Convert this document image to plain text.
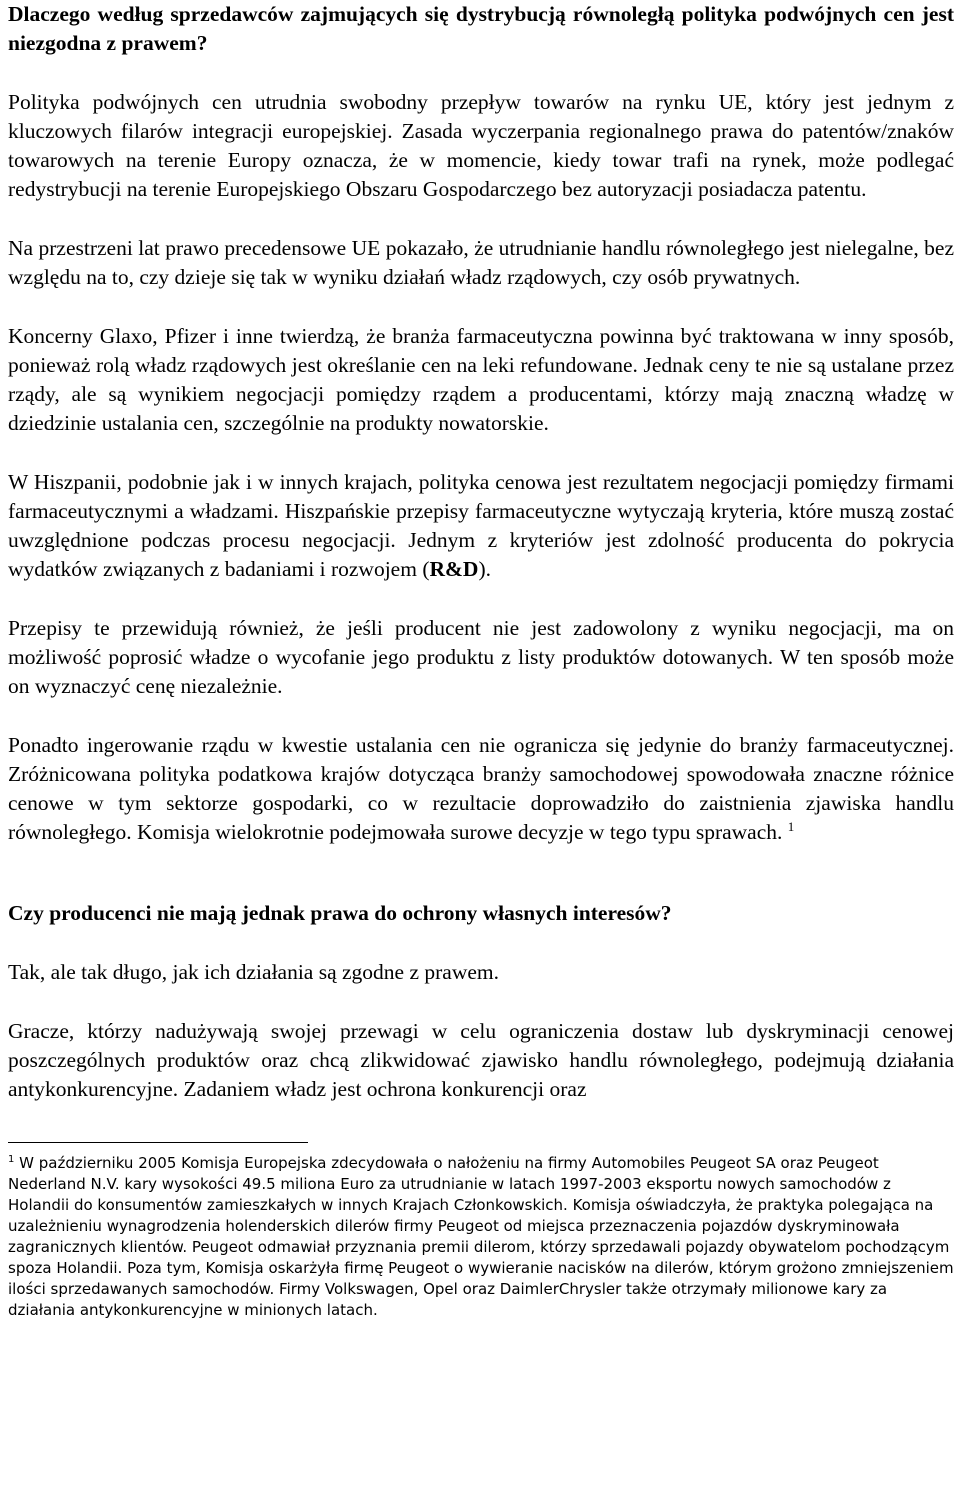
Dlaczego według sprzedawców zajmujących się dystrybucją równoległą polityka podwójnych cen jest niezgodna z prawem?

Polityka podwójnych cen utrudnia swobodny przepływ towarów na rynku UE, który jest jednym z kluczowych filarów integracji europejskiej. Zasada wyczerpania regionalnego prawa do patentów/znaków towarowych na terenie Europy oznacza, że w momencie, kiedy towar trafi na rynek, może podlegać redystrybucji na terenie Europejskiego Obszaru Gospodarczego bez autoryzacji posiadacza patentu.

Na przestrzeni lat prawo precedensowe UE pokazało, że utrudnianie handlu równoległego jest nielegalne, bez względu na to, czy dzieje się tak w wyniku działań władz rządowych, czy osób prywatnych.

Koncerny Glaxo, Pfizer i inne twierdzą, że branża farmaceutyczna powinna być traktowana w inny sposób, ponieważ rolą władz rządowych jest określanie cen na leki refundowane. Jednak ceny te nie są ustalane przez rządy, ale są wynikiem negocjacji pomiędzy rządem a producentami, którzy mają znaczną władzę w dziedzinie ustalania cen, szczególnie na produkty nowatorskie.

W Hiszpanii, podobnie jak i w innych krajach, polityka cenowa jest rezultatem negocjacji pomiędzy firmami farmaceutycznymi a władzami. Hiszpańskie przepisy farmaceutyczne wytyczają kryteria, które muszą zostać uwzględnione podczas procesu negocjacji. Jednym z kryteriów jest zdolność producenta do pokrycia wydatków związanych z badaniami i rozwojem (R&D).

Przepisy te przewidują również, że jeśli producent nie jest zadowolony z wyniku negocjacji, ma on możliwość poprosić władze o wycofanie jego produktu z listy produktów dotowanych. W ten sposób może on wyznaczyć cenę niezależnie.

Ponadto ingerowanie rządu w kwestie ustalania cen nie ogranicza się jedynie do branży farmaceutycznej. Zróżnicowana polityka podatkowa krajów dotycząca branży samochodowej spowodowała znaczne różnice cenowe w tym sektorze gospodarki, co w rezultacie doprowadziło do zaistnienia zjawiska handlu równoległego. Komisja wielokrotnie podejmowała surowe decyzje w tego typu sprawach. $^1$

Czy producenci nie mają jednak prawa do ochrony własnych interesów?

Tak, ale tak długo, jak ich działania są zgodne z prawem.

Gracze, którzy nadużywają swojej przewagi w celu ograniczenia dostaw lub dyskryminacji cenowej poszczególnych produktów oraz chcą zlikwidować zjawisko handlu równoległego, podejmują działania antykonkurencyjne. Zadaniem władz jest ochrona konkurencji oraz

$^1$ W październiku 2005 Komisja Europejska zdecydowała o nałożeniu na firmy Automobiles Peugeot SA oraz Peugeot Nederland N.V. kary wysokości 49.5 miliona Euro za utrudnianie w latach 1997-2003 eksportu nowych samochodów z Holandii do konsumentów zamieszkałych w innych Krajach Członkowskich. Komisja oświadczyła, że praktyka polegająca na uzależnieniu wynagrodzenia holenderskich dilerów firmy Peugeot od miejsca przeznaczenia pojazdów dyskryminowała zagranicznych klientów. Peugeot odmawiał przyznania premii dilerom, którzy sprzedawali pojazdy obywatelom pochodzącym spoza Holandii. Poza tym, Komisja oskarżyła firmę Peugeot o wywieranie nacisków na dilerów, którym grożono zmniejszeniem ilości sprzedawanych samochodów. Firmy Volkswagen, Opel oraz DaimlerChrysler także otrzymały milionowe kary za działania antykonkurencyjne w minionych latach.
